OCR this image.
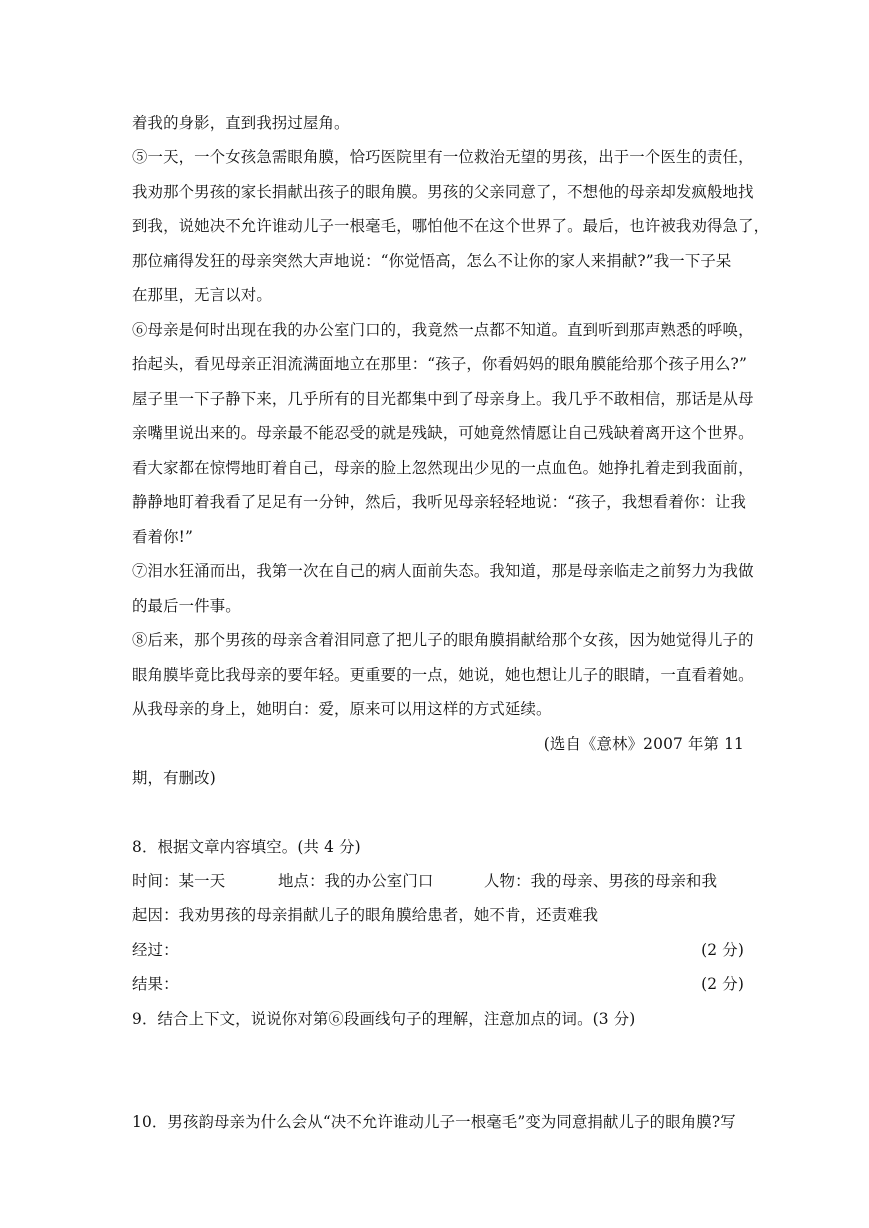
着我的身影，直到我拐过屋角。
⑤一天，一个女孩急需眼角膜，恰巧医院里有一位救治无望的男孩，出于一个医生的责任，
我劝那个男孩的家长捐献出孩子的眼角膜。男孩的父亲同意了，不想他的母亲却发疯般地找
到我，说她决不允许谁动儿子一根毫毛，哪怕他不在这个世界了。最后，也许被我劝得急了，
那位痛得发狂的母亲突然大声地说：“你觉悟高，怎么不让你的家人来捐献?”我一下子呆
在那里，无言以对。
⑥母亲是何时出现在我的办公室门口的，我竟然一点都不知道。直到听到那声熟悉的呼唤，
抬起头，看见母亲正泪流满面地立在那里：“孩子，你看妈妈的眼角膜能给那个孩子用么?”
屋子里一下子静下来，几乎所有的目光都集中到了母亲身上。我几乎不敢相信，那话是从母
亲嘴里说出来的。母亲最不能忍受的就是残缺，可她竟然情愿让自己残缺着离开这个世界。
看大家都在惊愕地盯着自己，母亲的脸上忽然现出少见的一点血色。她挣扎着走到我面前，
静静地盯着我看了足足有一分钟，然后，我听见母亲轻轻地说：“孩子，我想看着你：让我
看着你!”
⑦泪水狂涌而出，我第一次在自己的病人面前失态。我知道，那是母亲临走之前努力为我做
的最后一件事。
⑧后来，那个男孩的母亲含着泪同意了把儿子的眼角膜捐献给那个女孩，因为她觉得儿子的
眼角膜毕竟比我母亲的要年轻。更重要的一点，她说，她也想让儿子的眼睛，一直看着她。
从我母亲的身上，她明白：爱，原来可以用这样的方式延续。
(选自《意林》2007 年第 11
期，有删改)
8．根据文章内容填空。(共 4 分)
时间：某一天	地点：我的办公室门口	人物：我的母亲、男孩的母亲和我
起因：我劝男孩的母亲捐献儿子的眼角膜给患者，她不肯，还责难我
经过：	(2 分)
结果：	(2 分)
9．结合上下文，说说你对第⑥段画线句子的理解，注意加点的词。(3 分)
10．男孩韵母亲为什么会从“决不允许谁动儿子一根毫毛”变为同意捐献儿子的眼角膜?写
